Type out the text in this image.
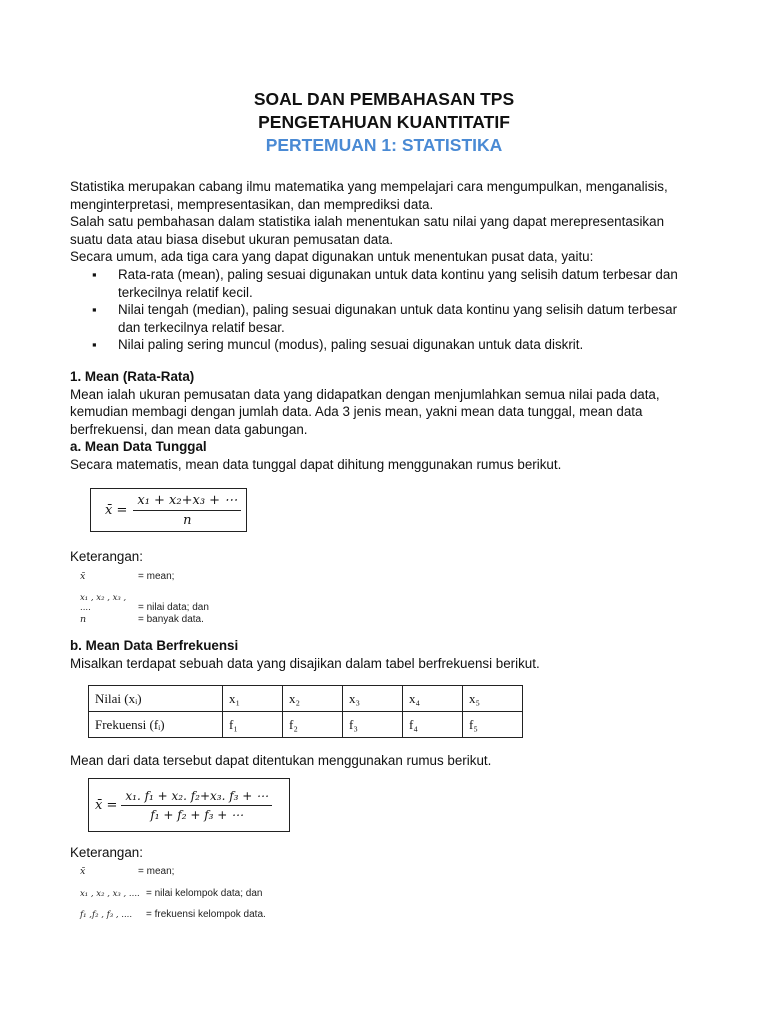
SOAL DAN PEMBAHASAN TPS
PENGETAHUAN KUANTITATIF
PERTEMUAN 1: STATISTIKA

Statistika merupakan cabang ilmu matematika yang mempelajari cara mengumpulkan, menganalisis, menginterpretasi, mempresentasikan, dan memprediksi data.

Salah satu pembahasan dalam statistika ialah menentukan satu nilai yang dapat merepresentasikan suatu data atau biasa disebut ukuran pemusatan data.

Secara umum, ada tiga cara yang dapat digunakan untuk menentukan pusat data, yaitu:

▪ Rata-rata (mean), paling sesuai digunakan untuk data kontinu yang selisih datum terbesar dan terkecilnya relatif kecil.
▪ Nilai tengah (median), paling sesuai digunakan untuk data kontinu yang selisih datum terbesar dan terkecilnya relatif besar.
▪ Nilai paling sering muncul (modus), paling sesuai digunakan untuk data diskrit.

1. Mean (Rata-Rata)

Mean ialah ukuran pemusatan data yang didapatkan dengan menjumlahkan semua nilai pada data, kemudian membagi dengan jumlah data. Ada 3 jenis mean, yakni mean data tunggal, mean data berfrekuensi, dan mean data gabungan.

a. Mean Data Tunggal

Secara matematis, mean data tunggal dapat dihitung menggunakan rumus berikut.

x̄ = $\frac{\text{x₁ + x₂+x₃ + ⋯}}{n}$
Keterangan:
x̄	= mean;
x₁ , x₂ , x₃ , ....	= nilai data; dan
n	= banyak data.

b. Mean Data Berfrekuensi

Misalkan terdapat sebuah data yang disajikan dalam tabel berfrekuensi berikut.

Nilai (xᵢ)	x₁	x₂	x₃	x₄	x₅
Frekuensi (fᵢ)	f₁	f₂	f₃	f₄	f₅
Mean dari data tersebut dapat ditentukan menggunakan rumus berikut.
x̄ = $\frac{\text{x₁. f₁ + x₂. f₂+x₃. f₃ + ⋯}}{\text{f₁ + f₂ + f₃ + ⋯}}$
Keterangan:
x̄	= mean;
x₁ , x₂ , x₃ , .... = nilai kelompok data; dan
f₁ ,f₂ , f₃ , .... = frekuensi kelompok data.
